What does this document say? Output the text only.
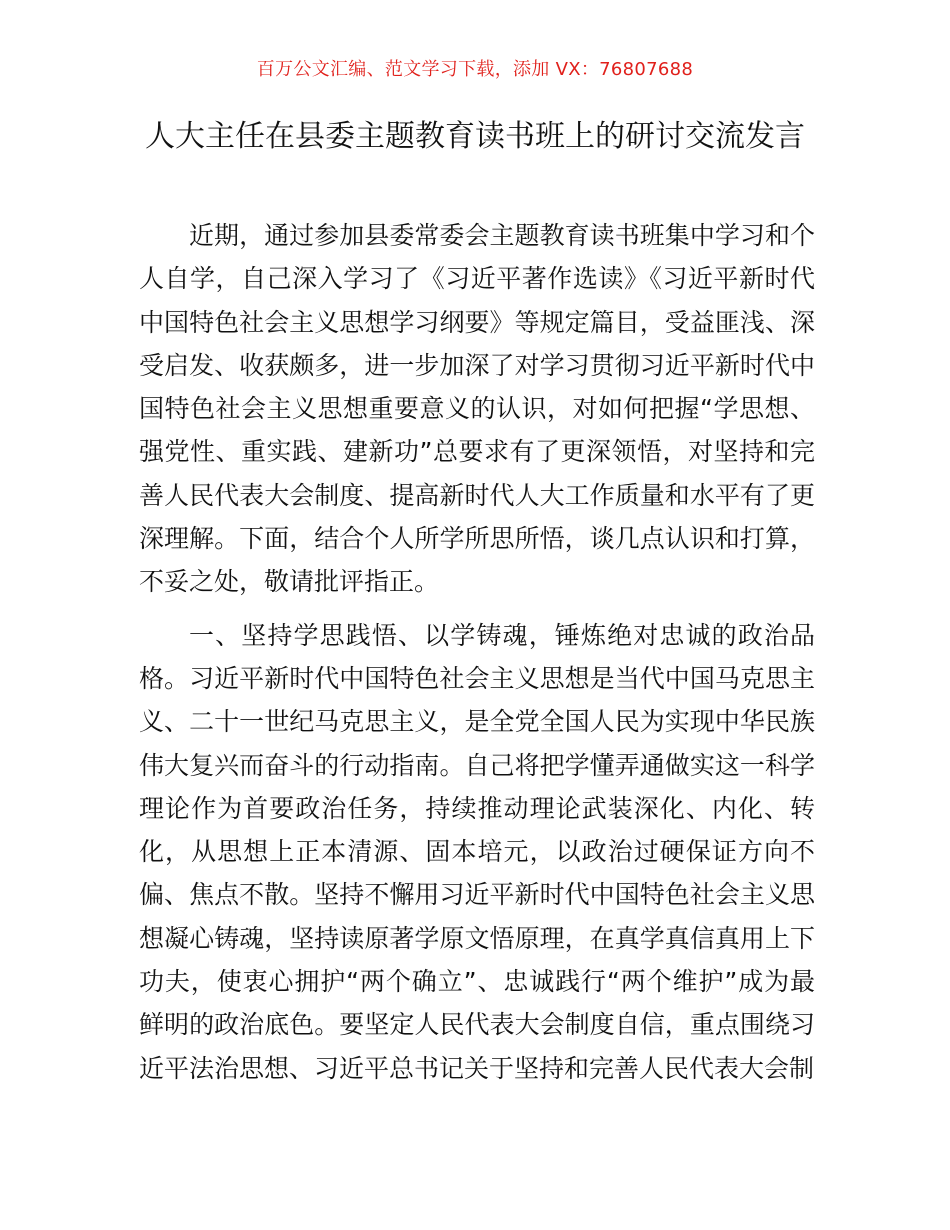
百万公文汇编、范文学习下载，添加 VX：76807688
人大主任在县委主题教育读书班上的研讨交流发言

近期，通过参加县委常委会主题教育读书班集中学习和个人自学，自己深入学习了《习近平著作选读》《习近平新时代中国特色社会主义思想学习纲要》等规定篇目，受益匪浅、深受启发、收获颇多，进一步加深了对学习贯彻习近平新时代中国特色社会主义思想重要意义的认识，对如何把握“学思想、强党性、重实践、建新功”总要求有了更深领悟，对坚持和完善人民代表大会制度、提高新时代人大工作质量和水平有了更深理解。下面，结合个人所学所思所悟，谈几点认识和打算，不妥之处，敬请批评指正。

一、坚持学思践悟、以学铸魂，锤炼绝对忠诚的政治品格。习近平新时代中国特色社会主义思想是当代中国马克思主义、二十一世纪马克思主义，是全党全国人民为实现中华民族伟大复兴而奋斗的行动指南。自己将把学懂弄通做实这一科学理论作为首要政治任务，持续推动理论武装深化、内化、转化，从思想上正本清源、固本培元，以政治过硬保证方向不偏、焦点不散。坚持不懈用习近平新时代中国特色社会主义思想凝心铸魂，坚持读原著学原文悟原理，在真学真信真用上下功夫，使衷心拥护“两个确立”、忠诚践行“两个维护”成为最鲜明的政治底色。要坚定人民代表大会制度自信，重点围绕习近平法治思想、习近平总书记关于坚持和完善人民代表大会制
